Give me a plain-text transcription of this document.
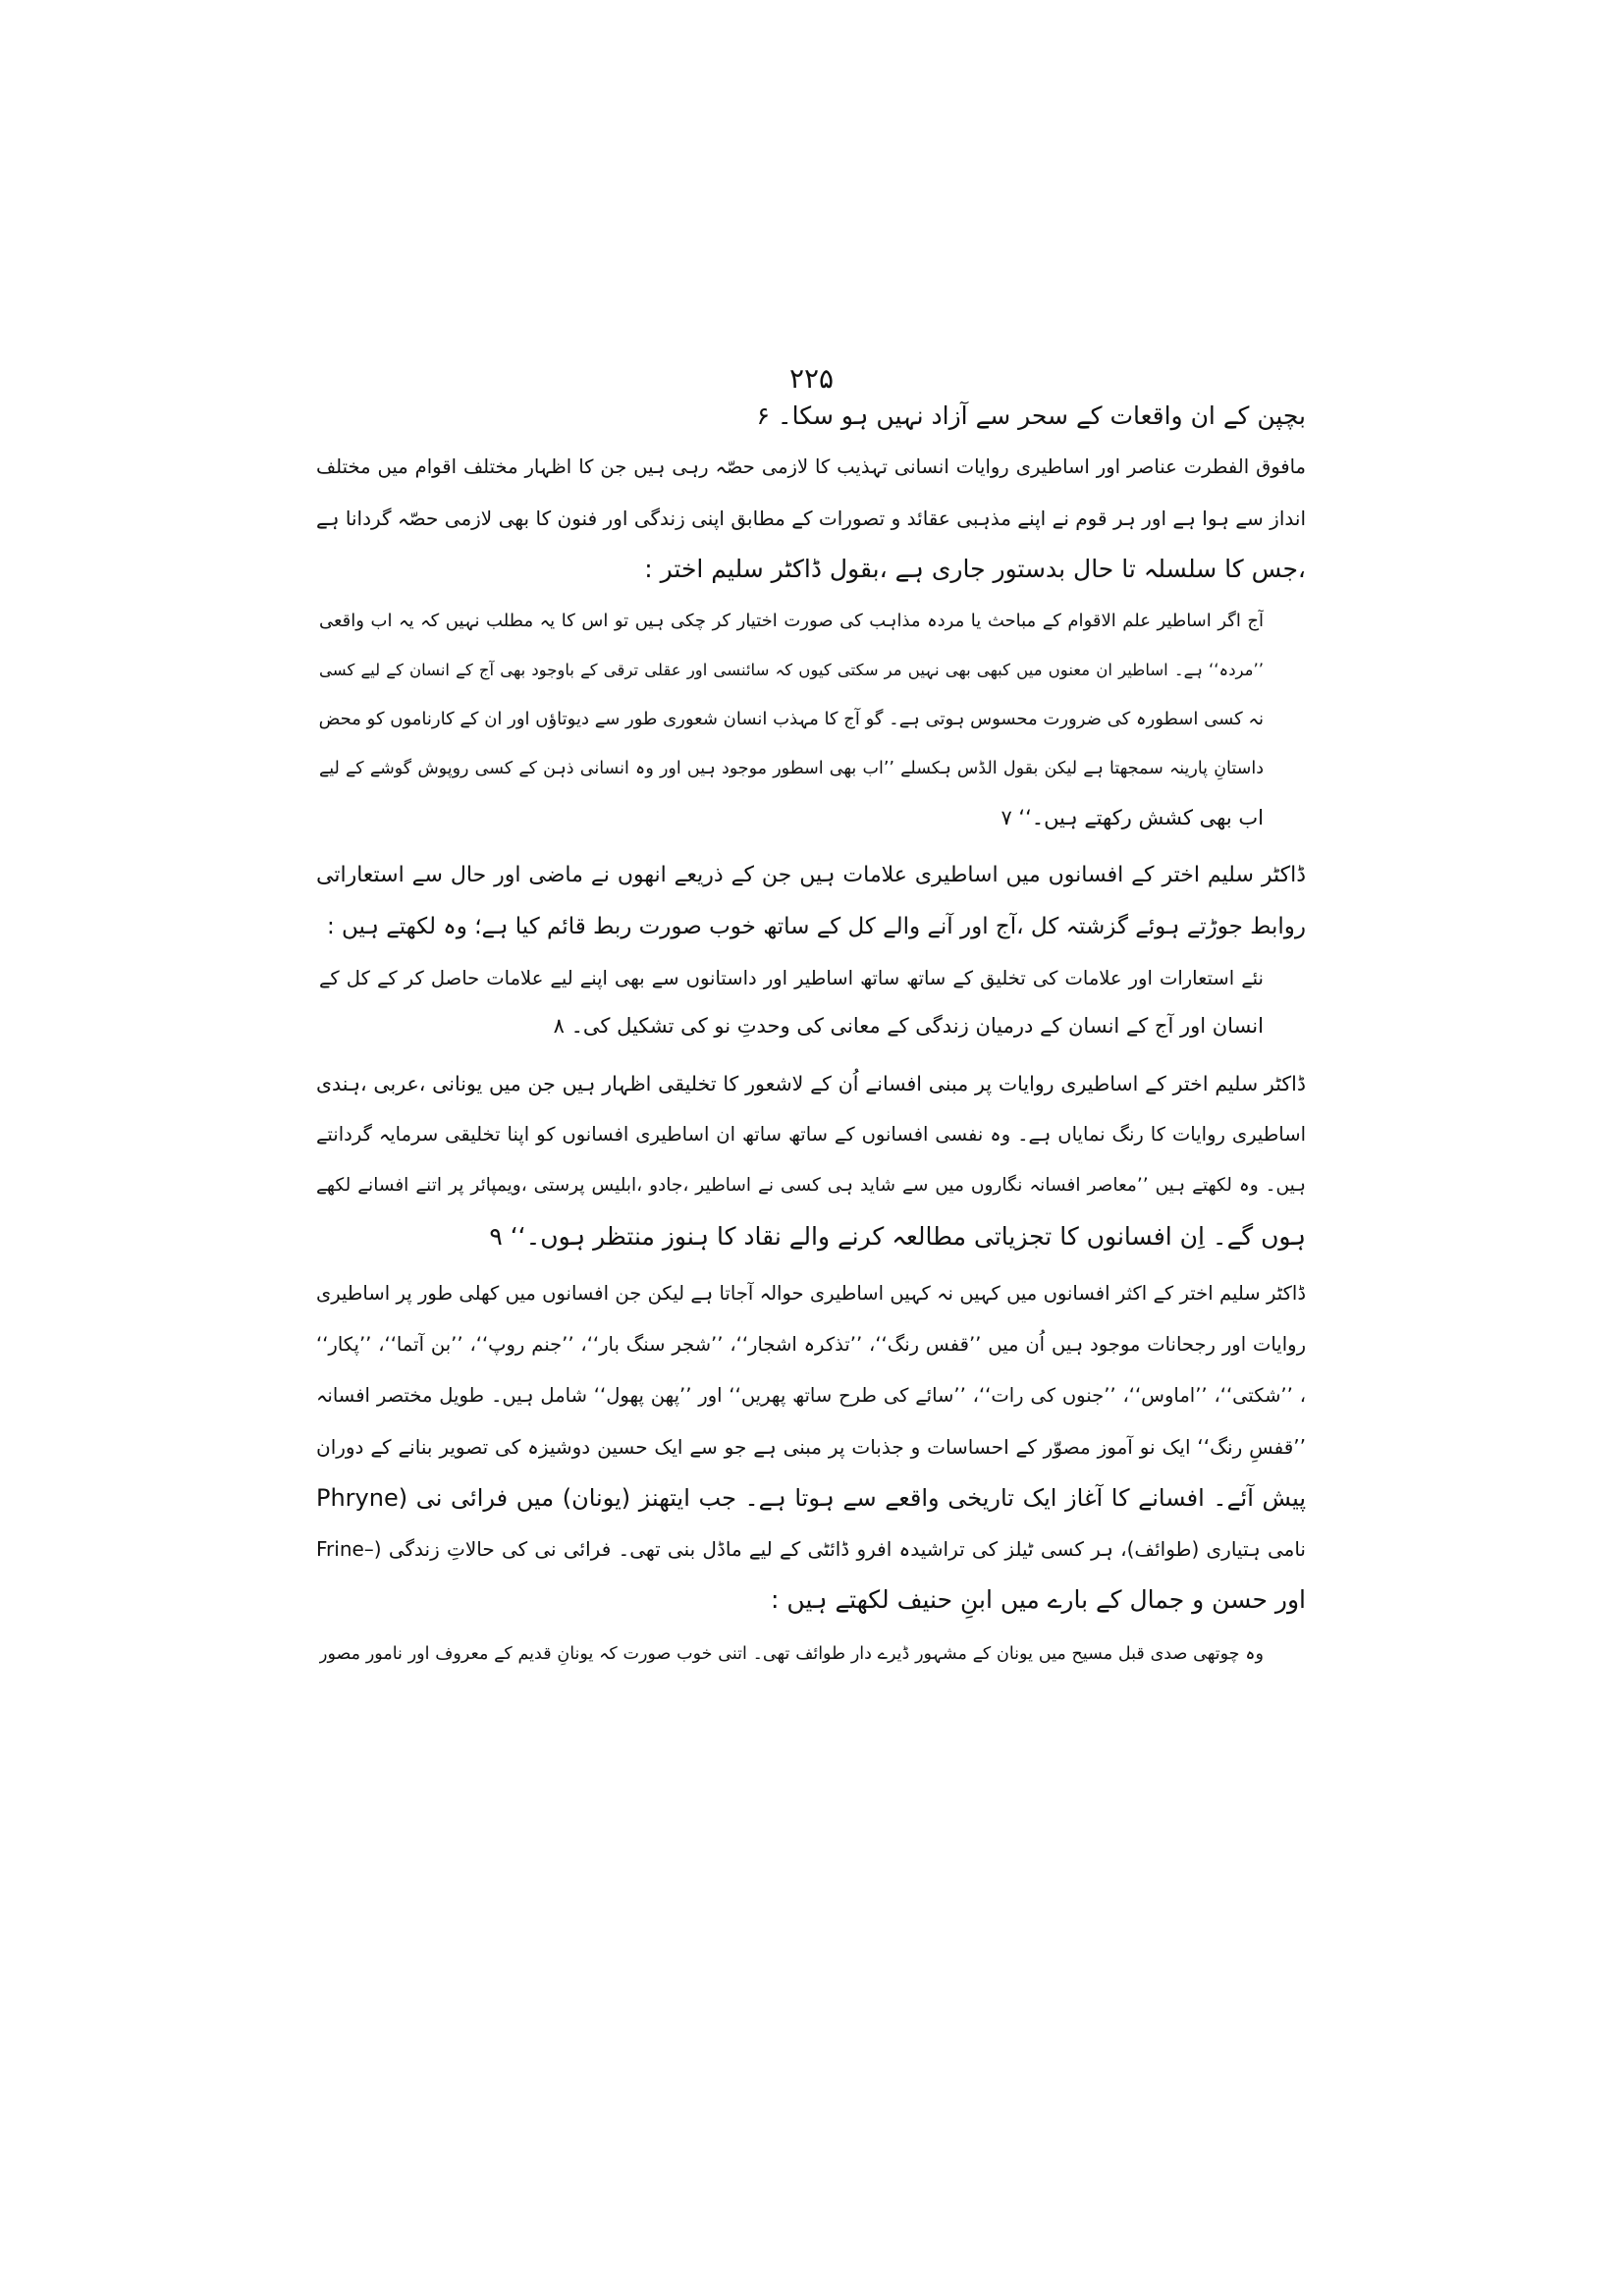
۲۲۵
بچپن کے ان واقعات کے سحر سے آزاد نہیں ہو سکا۔ ۶
مافوق الفطرت عناصر اور اساطیری روایات انسانی تہذیب کا لازمی حصّہ رہی ہیں جن کا اظہار مختلف اقوام میں مختلف
انداز سے ہوا ہے اور ہر قوم نے اپنے مذہبی عقائد و تصورات کے مطابق اپنی زندگی اور فنون کا بھی لازمی حصّہ گردانا ہے
،جس کا سلسلہ تا حال بدستور جاری ہے ،بقول ڈاکٹر سلیم اختر :
آج اگر اساطیر علم الاقوام کے مباحث یا مردہ مذاہب کی صورت اختیار کر چکی ہیں تو اس کا یہ مطلب نہیں کہ یہ اب واقعی
’’مردہ‘‘ ہے۔ اساطیر ان معنوں میں کبھی بھی نہیں مر سکتی کیوں کہ سائنسی اور عقلی ترقی کے باوجود بھی آج کے انسان کے لیے کسی
نہ کسی اسطورہ کی ضرورت محسوس ہوتی ہے۔ گو آج کا مہذب انسان شعوری طور سے دیوتاؤں اور ان کے کارناموں کو محض
داستانِ پارینہ سمجھتا ہے لیکن بقول الڈس ہکسلے ’’اب بھی اسطور موجود ہیں اور وہ انسانی ذہن کے کسی روپوش گوشے کے لیے
اب بھی کشش رکھتے ہیں۔‘‘ ۷
ڈاکٹر سلیم اختر کے افسانوں میں اساطیری علامات ہیں جن کے ذریعے انھوں نے ماضی اور حال سے استعاراتی
روابط جوڑتے ہوئے گزشتہ کل ،آج اور آنے والے کل کے ساتھ خوب صورت ربط قائم کیا ہے؛ وہ لکھتے ہیں :
نئے استعارات اور علامات کی تخلیق کے ساتھ ساتھ اساطیر اور داستانوں سے بھی اپنے لیے علامات حاصل کر کے کل کے
انسان اور آج کے انسان کے درمیان زندگی کے معانی کی وحدتِ نو کی تشکیل کی۔ ۸
ڈاکٹر سلیم اختر کے اساطیری روایات پر مبنی افسانے اُن کے لاشعور کا تخلیقی اظہار ہیں جن میں یونانی ،عربی ،ہندی
اساطیری روایات کا رنگ نمایاں ہے۔ وہ نفسی افسانوں کے ساتھ ساتھ ان اساطیری افسانوں کو اپنا تخلیقی سرمایہ گردانتے
ہیں۔ وہ لکھتے ہیں ’’معاصر افسانہ نگاروں میں سے شاید ہی کسی نے اساطیر ،جادو ،ابلیس پرستی ،ویمپائر پر اتنے افسانے لکھے
ہوں گے۔ اِن افسانوں کا تجزیاتی مطالعہ کرنے والے نقاد کا ہنوز منتظر ہوں۔‘‘ ۹
ڈاکٹر سلیم اختر کے اکثر افسانوں میں کہیں نہ کہیں اساطیری حوالہ آجاتا ہے لیکن جن افسانوں میں کھلی طور پر اساطیری
روایات اور رجحانات موجود ہیں اُن میں ’’قفس رنگ‘‘، ’’تذکرہ اشجار‘‘، ’’شجر سنگ بار‘‘، ’’جنم روپ‘‘، ’’بن آتما‘‘، ’’پکار‘‘
، ’’شکتی‘‘، ’’اماوس‘‘، ’’جنوں کی رات‘‘، ’’سائے کی طرح ساتھ پھریں‘‘ اور ’’پھن پھول‘‘ شامل ہیں۔ طویل مختصر افسانہ
’’قفسِ رنگ‘‘ ایک نو آموز مصوّر کے احساسات و جذبات پر مبنی ہے جو سے ایک حسین دوشیزہ کی تصویر بنانے کے دوران
پیش آئے۔ افسانے کا آغاز ایک تاریخی واقعے سے ہوتا ہے۔ جب ایتھنز (یونان) میں فرائی نی (Phryne
Frine–) نامی ہتیاری (طوائف)، ہر کسی ٹیلز کی تراشیدہ افرو ڈائٹی کے لیے ماڈل بنی تھی۔ فرائی نی کی حالاتِ زندگی
اور حسن و جمال کے بارے میں ابنِ حنیف لکھتے ہیں :
وہ چوتھی صدی قبل مسیح میں یونان کے مشہور ڈیرے دار طوائف تھی۔ اتنی خوب صورت کہ یونانِ قدیم کے معروف اور نامور مصور
